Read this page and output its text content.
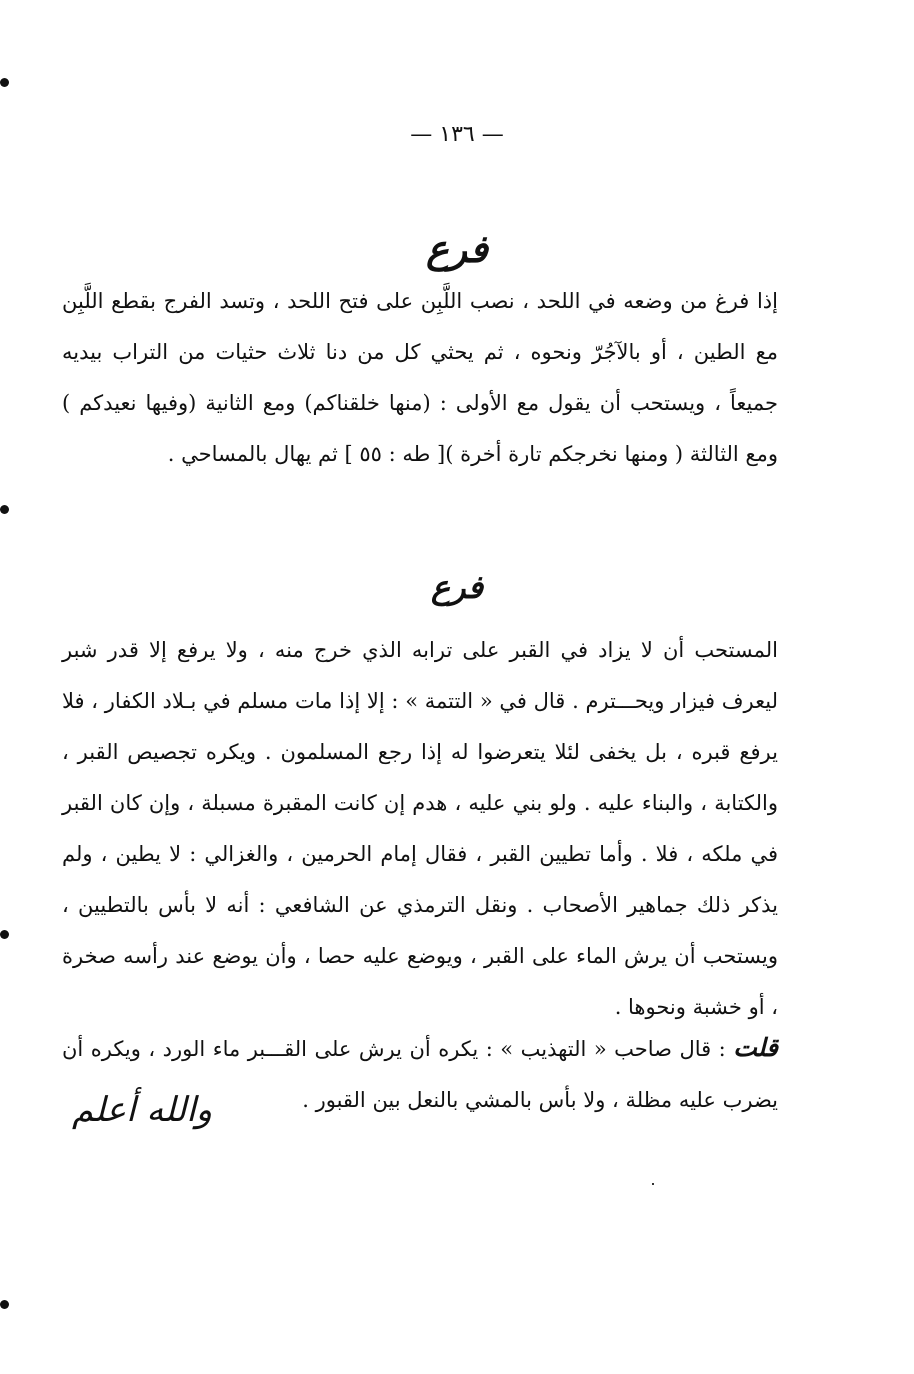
— ١٣٦ —
فرع

إذا فرغ من وضعه في اللحد ، نصب اللَّبِن على فتح اللحد ، وتسد الفرج بقطع اللَّبِن مع الطين ، أو بالآجُرّ ونحوه ، ثم يحثي كل من دنا ثلاث حثيات من التراب بيديه جميعاً ، ويستحب أن يقول مع الأولى : (منها خلقناكم) ومع الثانية (وفيها نعيدكم ) ومع الثالثة ( ومنها نخرجكم تارة أخرة )[ طه : ٥٥ ] ثم يهال بالمساحي .

فرع

المستحب أن لا يزاد في القبر على ترابه الذي خرج منه ، ولا يرفع إلا قدر شبر ليعرف فيزار ويحـــترم . قال في « التتمة » : إلا إذا مات مسلم في بـلاد الكفار ، فلا يرفع قبره ، بل يخفى لئلا يتعرضوا له إذا رجع المسلمون . ويكره تجصيص القبر ، والكتابة ، والبناء عليه . ولو بني عليه ، هدم إن كانت المقبرة مسبلة ، وإن كان القبر في ملكه ، فلا . وأما تطيين القبر ، فقال إمام الحرمين ، والغزالي : لا يطين ، ولم يذكر ذلك جماهير الأصحاب . ونقل الترمذي عن الشافعي : أنه لا بأس بالتطيين ، ويستحب أن يرش الماء على القبر ، ويوضع عليه حصا ، وأن يوضع عند رأسه صخرة ، أو خشبة ونحوها .

قلت : قال صاحب « التهذيب » : يكره أن يرش على القـــبر ماء الورد ، ويكره أن يضرب عليه مظلة ، ولا بأس بالمشي بالنعل بين القبور .

والله أعلم
